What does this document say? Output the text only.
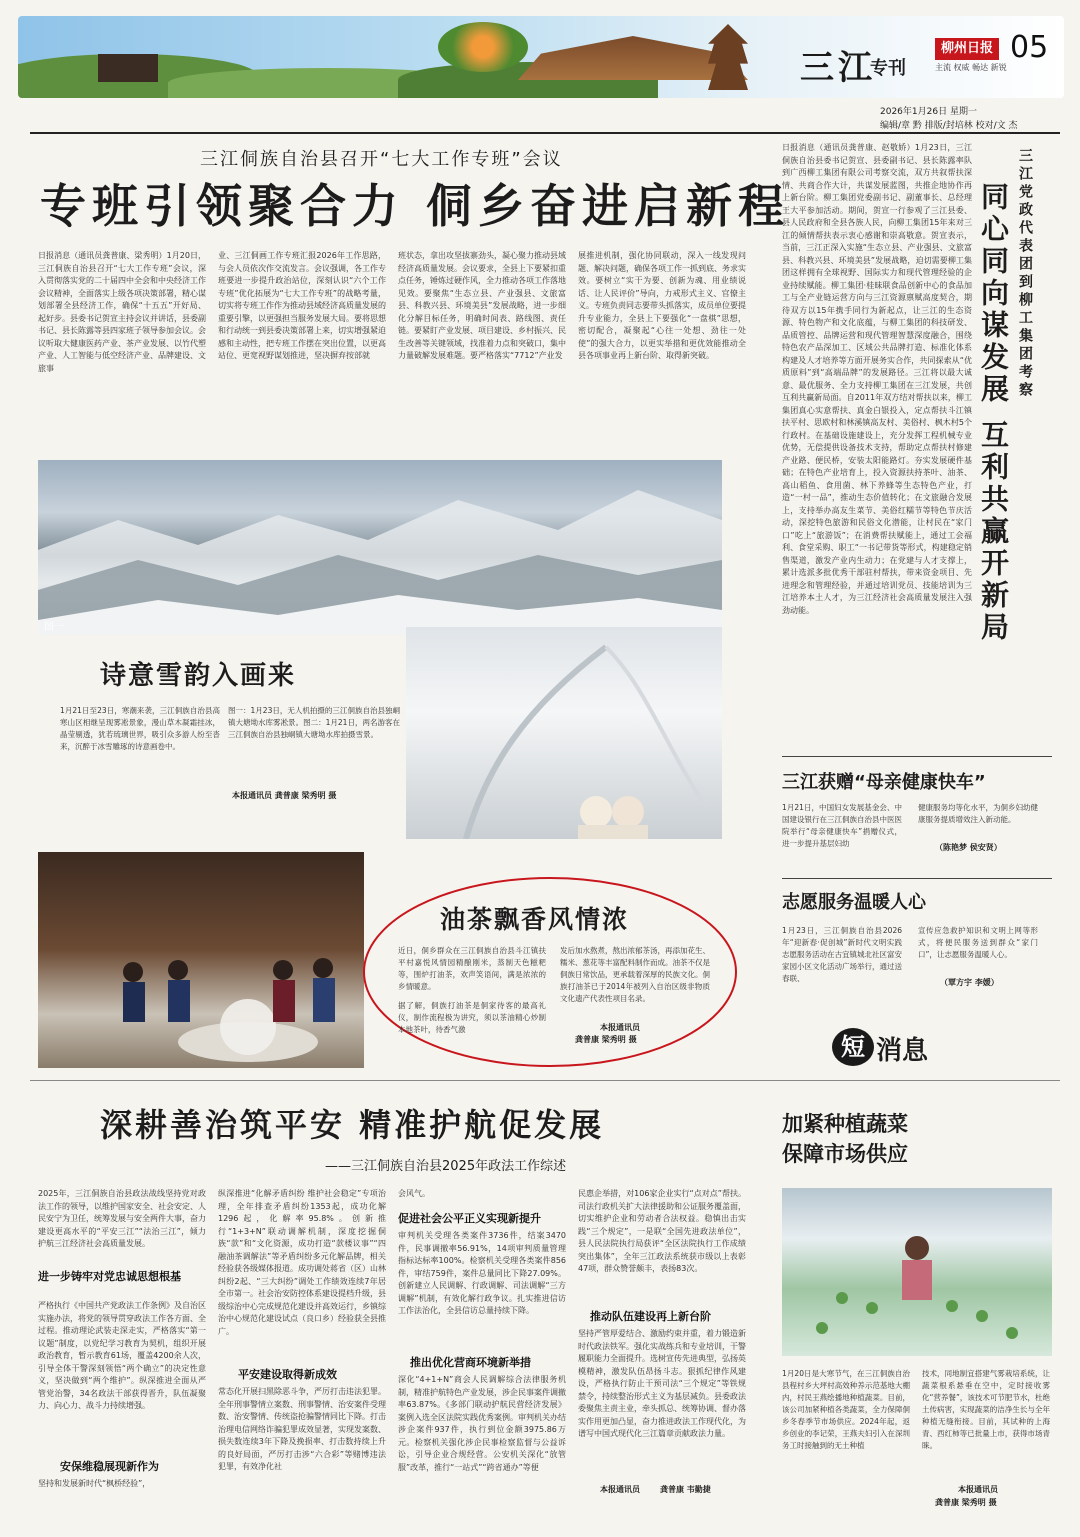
三江
专刊
柳州日报
主流 权威 畅达 新锐
05
2026年1月26日 星期一
编辑/章 黔 排版/封培林 校对/文 杰
三江侗族自治县召开“七大工作专班”会议
专班引领聚合力 侗乡奋进启新程
日报消息（通讯员龚普康、梁秀明）1月20日，三江侗族自治县召开“七大工作专班”会议，深入贯彻落实党的二十届四中全会和中央经济工作会议精神，全面落实上级各项决策部署，精心谋划部署全县经济工作，确保“十五五”开好局、起好步。县委书记贺宣主持会议并讲话，县委副书记、县长陈露等县四家班子领导参加会议。会议听取大健康医药产业、茶产业发展、以竹代塑产业、人工智能与低空经济产业、品牌建设、文旅事
业、三江侗画工作专班汇报2026年工作思路，与会人员依次作交流发言。会议强调，各工作专班要进一步提升政治站位，深刻认识“六个工作专班”优化拓展为“七大工作专班”的战略考量，切实将专班工作作为推动县域经济高质量发展的重要引擎，以更强担当服务发展大局。要将思想和行动统一到县委决策部署上来，切实增强紧迫感和主动性，把专班工作摆在突出位置，以更高站位、更宽视野谋划推进，坚决摒弃按部就
班状态，拿出攻坚拔寨劲头，凝心聚力推动县域经济高质量发展。会议要求，全县上下要紧扣重点任务，锤炼过硬作风，全力推动各项工作落地见效。要聚焦“生态立县、产业强县、文旅富县、科教兴县、环境美县”发展战略，进一步细化分解目标任务，明确时间表、路线图、责任链。要紧盯产业发展、项目建设、乡村振兴、民生改善等关键领域，找准着力点和突破口，集中力量破解发展难题。要严格落实“7712”产业发
展推进机制，强化协同联动，深入一线发现问题、解决问题，确保各项工作一抓到底、务求实效。要树立“实干为要、创新为魂、用业绩说话、让人民评价”导向，力戒形式主义、官僚主义。专班负责同志要带头抓落实，成员单位要提升专业能力，全县上下要强化“一盘棋”思想，密切配合，凝聚起“心往一处想、劲往一处使”的强大合力，以更实举措和更优效能推动全县各项事业再上新台阶、取得新突破。
图一
诗意雪韵入画来
1月21日至23日，寒潮来袭，三江侗族自治县高寒山区相继呈现雾凇景象，漫山草木凝霜挂冰，晶莹剔透，犹若琉璃世界，吸引众多游人纷至沓来，沉醉于冰雪雕琢的诗意画卷中。
图一：1月23日，无人机拍摄的三江侗族自治县独峒镇大塘坳水库雾凇景。图二：1月21日，两名游客在三江侗族自治县独峒镇大塘坳水库拍摄雪景。
本报通讯员 龚普康 梁秀明 摄
油茶飘香风情浓
近日，侗乡群众在三江侗族自治县斗江镇扶平村嘉悦风情园精酿刚米，蒸制天色糍粑等，围炉打油茶，欢声笑语间，满是浓浓的乡情暖意。
据了解，侗族打油茶是侗家待客的最高礼仪，制作流程极为讲究，须以茶油精心炒制本地茶叶，待香气激
发后加水熬煮，熬出浓郁茶汤，再添加花生、糯米、葱花等丰富配料制作而成。油茶不仅是侗族日常饮品，更承载着深厚的民族文化。侗族打油茶已于2014年被列入自治区级非物质文化遗产代表性项目名录。
本报通讯员
龚普康 梁秀明 摄
日报消息（通讯员龚普康、赵敬娇）1月23日，三江侗族自治县委书记贺宣、县委副书记、县长陈露率队到广西柳工集团有限公司考察交流，双方共叙帮扶深情、共商合作大计，共谋发展蓝图，共推企地协作再上新台阶。柳工集团党委副书记、副董事长、总经理王大平参加活动。期间，贺宣一行参观了三江县委、县人民政府和全县各族人民，向柳工集团15年来对三江的倾情帮扶表示衷心感谢和崇高敬意。贺宣表示，当前，三江正深入实施“生态立县、产业强县、文旅富县、科教兴县、环境美县”发展战略，迫切需要柳工集团这样拥有全球视野、国际实力和现代管理经验的企业持续赋能。柳工集团·桂昧联食品创新中心的食品加工与全产业链运营方向与三江资源禀赋高度契合，期待双方以15年携手同行为新起点，让三江的生态资源、特色物产和文化底蕴，与柳工集团的科技研发、品质管控、品牌运营和现代管理智慧深度融合，围绕特色农产品深加工、区域公共品牌打造、标准化体系构建及人才培养等方面开展务实合作，共同探索从“优质原料”到“高端品牌”的发展路径。三江将以最大诚意、最优服务、全力支持柳工集团在三江发展，共创互利共赢新局面。自2011年双方结对帮扶以来，柳工集团真心实意帮扶、真金白银投入，定点帮扶斗江镇扶平村、思欧村和林溪镇高友村、美俗村、枫木村5个行政村。在基础设施建设上，充分发挥工程机械专业优势，无偿提供设备技术支持，帮助定点帮扶村修建产业路、便民桥，安装太阳能路灯。夯实发展硬件基础；在特色产业培育上，投入资源扶持茶叶、油茶、高山稻鱼、食用菌、林下养蜂等生态特色产业，打造“一村一品”，推动生态价值转化；在文旅融合发展上，支持举办高友生菜节、美俗红糯节等特色节庆活动，深挖特色旅游和民俗文化潜能，让村民在“家门口”吃上“旅游饭”；在消费帮扶赋能上，通过工会福利、食堂采购、职工“一书记带货等形式，构建稳定销售渠道，激发产业内生动力；在党建与人才支撑上，累计选派多批优秀干部驻村帮扶，带来资金项目、先进理念和管理经验，并通过培训党员、技能培训为三江培养本土人才，为三江经济社会高质量发展注入强劲动能。
三江党政代表团到柳工集团考察
同心同向谋发展 互利共赢开新局
三江获赠“母亲健康快车”
1月21日，中国妇女发展基金会、中国建设银行在三江侗族自治县中医医院举行“母亲健康快车”捐赠仪式，进一步提升基层妇幼
健康服务均等化水平，为侗乡妇幼健康服务提质增效注入新动能。
（陈艳梦 侯安贤）
志愿服务温暖人心
1月23日，三江侗族自治县2026年“迎新春·促创城”新时代文明实践志愿服务活动在古宜镇城北社区富安家园小区文化活动广场举行，通过送春联、
宣传应急救护知识和文明上网等形式，将便民服务送到群众“家门口”，让志愿服务温暖人心。
（覃方宇 李媛）
短 消息
深耕善治筑平安 精准护航促发展
——三江侗族自治县2025年政法工作综述
2025年，三江侗族自治县政法战线坚持党对政法工作的领导，以维护国家安全、社会安定、人民安宁为卫任，统筹发展与安全两件大事，奋力建设更高水平的“平安三江”“法治三江”，倾力护航三江经济社会高质量发展。
进一步铸牢对党忠诚思想根基
严格执行《中国共产党政法工作条例》及自治区实施办法，将党的领导贯穿政法工作各方面、全过程。推动理论武装走深走实，严格落实“第一议题”制度，以党纪学习教育为契机，组织开展政治教育，暂示教育61场，覆盖4200余人次，引导全体干警深刻领悟“两个确立”的决定性意义，坚决做到“两个维护”。纵深推进全面从严管党治警，34名政法干部获得晋升，队伍凝聚力、向心力、战斗力持续增强。
安保维稳展现新作为
坚持和发展新时代“枫桥经验”，
纵深推进“化解矛盾纠纷 维护社会稳定”专项治理，全年排查矛盾纠纷1353起，成功化解1296起，化解率95.8%。创新推行“1+3+N”联动调解机制，深度挖掘侗族“款”和“文化资源，成功打造“款楼议事”“四融油茶调解法”等矛盾纠纷多元化解品牌，相关经验获各级媒体报道。成功调处蒋省（区）山林纠纷2起、“三大纠纷”调处工作绩效连续7年居全市第一。社会治安防控体系建设提档升级，县级综治中心完成规范化建设并高效运行，乡镇综治中心规范化建设试点（良口乡）经验获全县推广。
平安建设取得新成效
常态化开展扫黑除恶斗争，严厉打击违法犯罪。全年刑事警情立案数、刑事警情、治安案件受理数、治安警情、传统盗抢骗警情同比下降。打击治理电信网络诈骗犯罪成效显著，实现发案数、损失数连续3年下降及挽损率、打击数持续上升的良好局面，严厉打击涉“六合彩”等赌博违法犯罪，有效净化社
会风气。
促进社会公平正义实现新提升
审判机关受理各类案件3736件，结案3470件，民事调撤率56.91%，14项审判质量管理指标达标率100%。检察机关受理各类案件856件，审结759件，案件总量同比下降27.09%。创新建立人民调解、行政调解、司法调解“三方调解”机制，有效化解行政争议。扎实推进信访工作法治化，全县信访总量持续下降。
推出优化营商环境新举措
深化“4+1+N”商会人民调解综合法律服务机制，精准护航特色产业发展，涉企民事案件调撤率63.87%。《多部门联动护航民营经济发展》案例入选全区法院实践优秀案例。审判机关办结涉企案件937件，执行到位金额3975.86万元。检察机关强化涉企民事检察监督与公益诉讼，引导企业合规经营。公安机关深化“放管服”改革，推行“一站式”“跨省通办”等便
民惠企举措，对106家企业实行“点对点”帮扶。司法行政机关扩大法律援助和公证服务覆盖面，切实维护企业和劳动者合法权益。稳慎出击实践“三个规定”，一是联“全国先进政法单位”，县人民法院执行局获评“全区法院执行工作成绩突出集体”，全年三江政法系统获市级以上表彰47项，群众赞誉颇丰，表扬83次。
推动队伍建设再上新台阶
坚持严管厚爱结合、激励约束并重，着力锻造新时代政法铁军。强化实战练兵和专业培训，干警履职能力全面提升。选树宣传先进典型，弘扬英模精神，激发队伍昂扬斗志。狠抓纪律作风建设，严格执行防止干预司法“三个规定”等铁规禁令，持续整治形式主义为基层减负。县委政法委聚焦主责主业，牵头抓总、统筹协调、督办落实作用更加凸显，奋力推进政法工作现代化，为谱写中国式现代化三江篇章贡献政法力量。
本报通讯员	龚普康 韦勤捷
加紧种植蔬菜
保障市场供应
1月20日是大寒节气，在三江侗族自治县程村乡大坪村高效种养示范基地大棚内，村民王燕绘播地种植蔬菜。目前，该公司加紧种植各类蔬菜，全力保障侗乡冬春季节市场供应。2024年起，返乡创业的李记荣，王燕夫妇引入在深圳务工时接触到的无土种植
技术，同地制宜搭建气雾栽培系统，让蔬菜根系悬垂在空中，定时接收雾化“营养餐”，该技术可节肥节水，杜绝土传病害，实现蔬菜的洁净生长与全年种植无缝衔接。目前，其试种的上海青、西红柿等已批量上市，获得市场青睐。
本报通讯员
龚普康 梁秀明 摄
